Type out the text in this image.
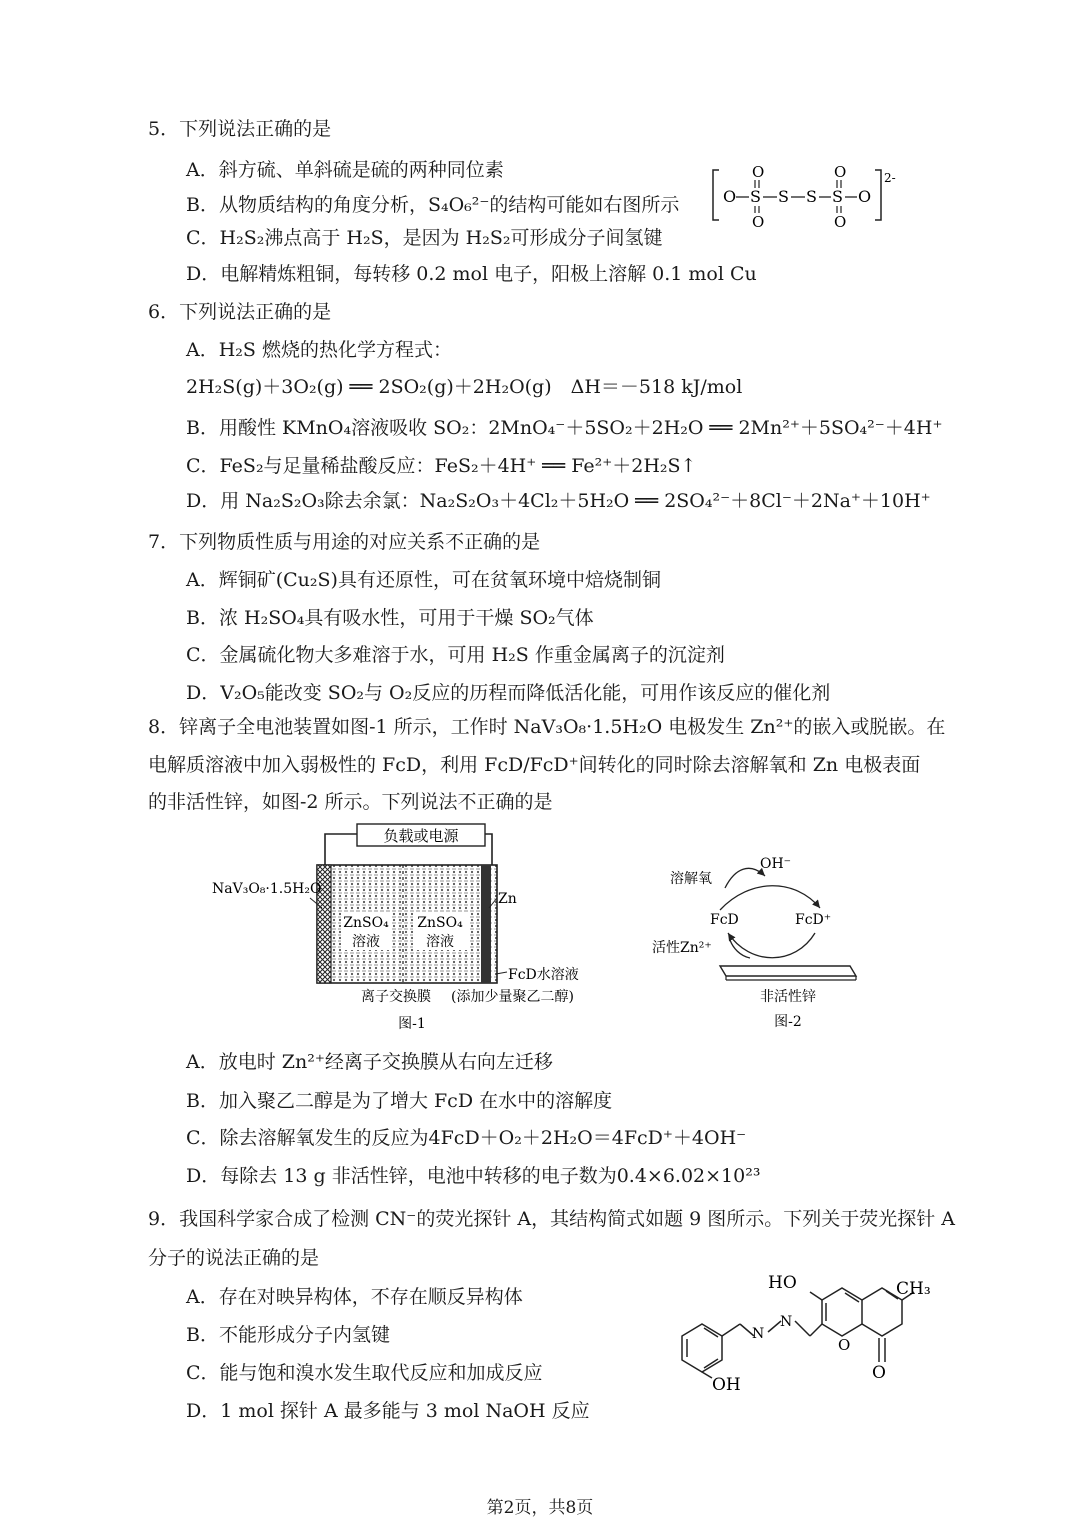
5．下列说法正确的是
A．斜方硫、单斜硫是硫的两种同位素
B．从物质结构的角度分析，S₄O₆²⁻的结构可能如右图所示
C．H₂S₂沸点高于 H₂S，是因为 H₂S₂可形成分子间氢键
D．电解精炼粗铜，每转移 0.2 mol 电子，阳极上溶解 0.1 mol Cu
O S
O
O
S S S
O
O
O
2-
6．下列说法正确的是
A．H₂S 燃烧的热化学方程式：
2H₂S(g)＋3O₂(g) ══ 2SO₂(g)＋2H₂O(g)　ΔH＝－518 kJ/mol
B．用酸性 KMnO₄溶液吸收 SO₂：2MnO₄⁻＋5SO₂＋2H₂O ══ 2Mn²⁺＋5SO₄²⁻＋4H⁺
C．FeS₂与足量稀盐酸反应：FeS₂＋4H⁺ ══ Fe²⁺＋2H₂S↑
D．用 Na₂S₂O₃除去余氯：Na₂S₂O₃＋4Cl₂＋5H₂O ══ 2SO₄²⁻＋8Cl⁻＋2Na⁺＋10H⁺
7．下列物质性质与用途的对应关系不正确的是
A．辉铜矿(Cu₂S)具有还原性，可在贫氧环境中焙烧制铜
B．浓 H₂SO₄具有吸水性，可用于干燥 SO₂气体
C．金属硫化物大多难溶于水，可用 H₂S 作重金属离子的沉淀剂
D．V₂O₅能改变 SO₂与 O₂反应的历程而降低活化能，可用作该反应的催化剂
8．锌离子全电池装置如图-1 所示，工作时 NaV₃O₈·1.5H₂O 电极发生 Zn²⁺的嵌入或脱嵌。在
电解质溶液中加入弱极性的 FcD，利用 FcD/FcD⁺间转化的同时除去溶解氧和 Zn 电极表面
的非活性锌，如图-2 所示。下列说法不正确的是
负载或电源
ZnSO₄
溶液
ZnSO₄
溶液
NaV₃O₈·1.5H₂O
Zn
FcD水溶液
离子交换膜 (添加少量聚乙二醇)
图-1
OH⁻
溶解氧
FcD	FcD⁺
活性Zn²⁺
非活性锌
图-2
A．放电时 Zn²⁺经离子交换膜从右向左迁移
B．加入聚乙二醇是为了增大 FcD 在水中的溶解度
C．除去溶解氧发生的反应为4FcD＋O₂＋2H₂O＝4FcD⁺＋4OH⁻
D．每除去 13 g 非活性锌，电池中转移的电子数为0.4×6.02×10²³
9．我国科学家合成了检测 CN⁻的荧光探针 A，其结构简式如题 9 图所示。下列关于荧光探针 A
分子的说法正确的是
A．存在对映异构体，不存在顺反异构体
B．不能形成分子内氢键
C．能与饱和溴水发生取代反应和加成反应
D．1 mol 探针 A 最多能与 3 mol NaOH 反应
HO
OH
N
N
O
O
CH₃
第2页，共8页
